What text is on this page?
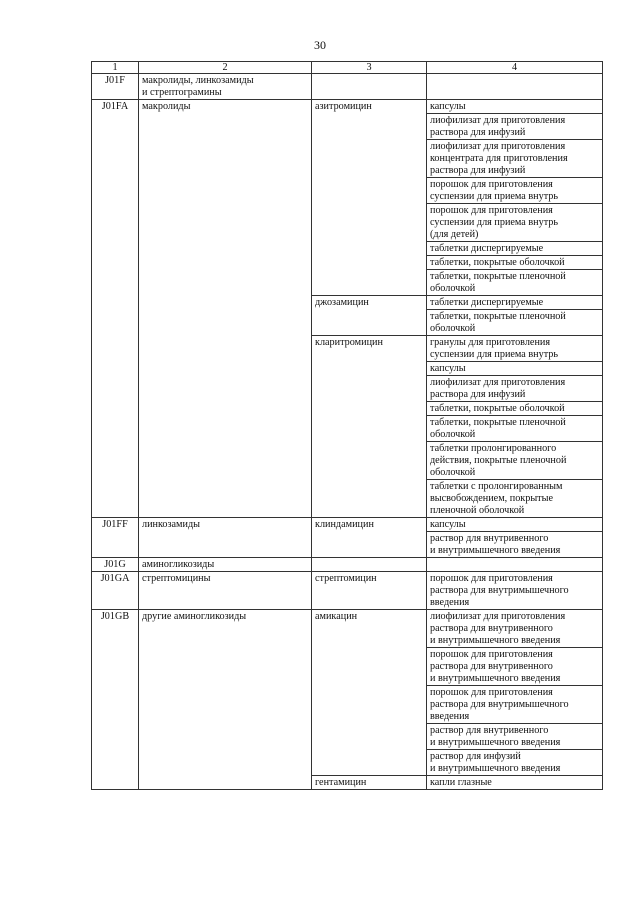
30
1	2	3	4
J01F	макролиды, линкозамиды
и стрептограмины		
J01FA	макролиды	азитромицин	капсулы
			лиофилизат для приготовления
раствора для инфузий
			лиофилизат для приготовления
концентрата для приготовления
раствора для инфузий
			порошок для приготовления
суспензии для приема внутрь
			порошок для приготовления
суспензии для приема внутрь
(для детей)
			таблетки диспергируемые
			таблетки, покрытые оболочкой
			таблетки, покрытые пленочной
оболочкой
		джозамицин	таблетки диспергируемые
			таблетки, покрытые пленочной
оболочкой
		кларитромицин	гранулы для приготовления
суспензии для приема внутрь
			капсулы
			лиофилизат для приготовления
раствора для инфузий
			таблетки, покрытые оболочкой
			таблетки, покрытые пленочной
оболочкой
			таблетки пролонгированного
действия, покрытые пленочной
оболочкой
			таблетки с пролонгированным
высвобождением, покрытые
пленочной оболочкой
J01FF	линкозамиды	клиндамицин	капсулы
			раствор для внутривенного
и внутримышечного введения
J01G	аминогликозиды		
J01GA	стрептомицины	стрептомицин	порошок для приготовления
раствора для внутримышечного
введения
J01GB	другие аминогликозиды	амикацин	лиофилизат для приготовления
раствора для внутривенного
и внутримышечного введения
			порошок для приготовления
раствора для внутривенного
и внутримышечного введения
			порошок для приготовления
раствора для внутримышечного
введения
			раствор для внутривенного
и внутримышечного введения
			раствор для инфузий
и внутримышечного введения
		гентамицин	капли глазные
